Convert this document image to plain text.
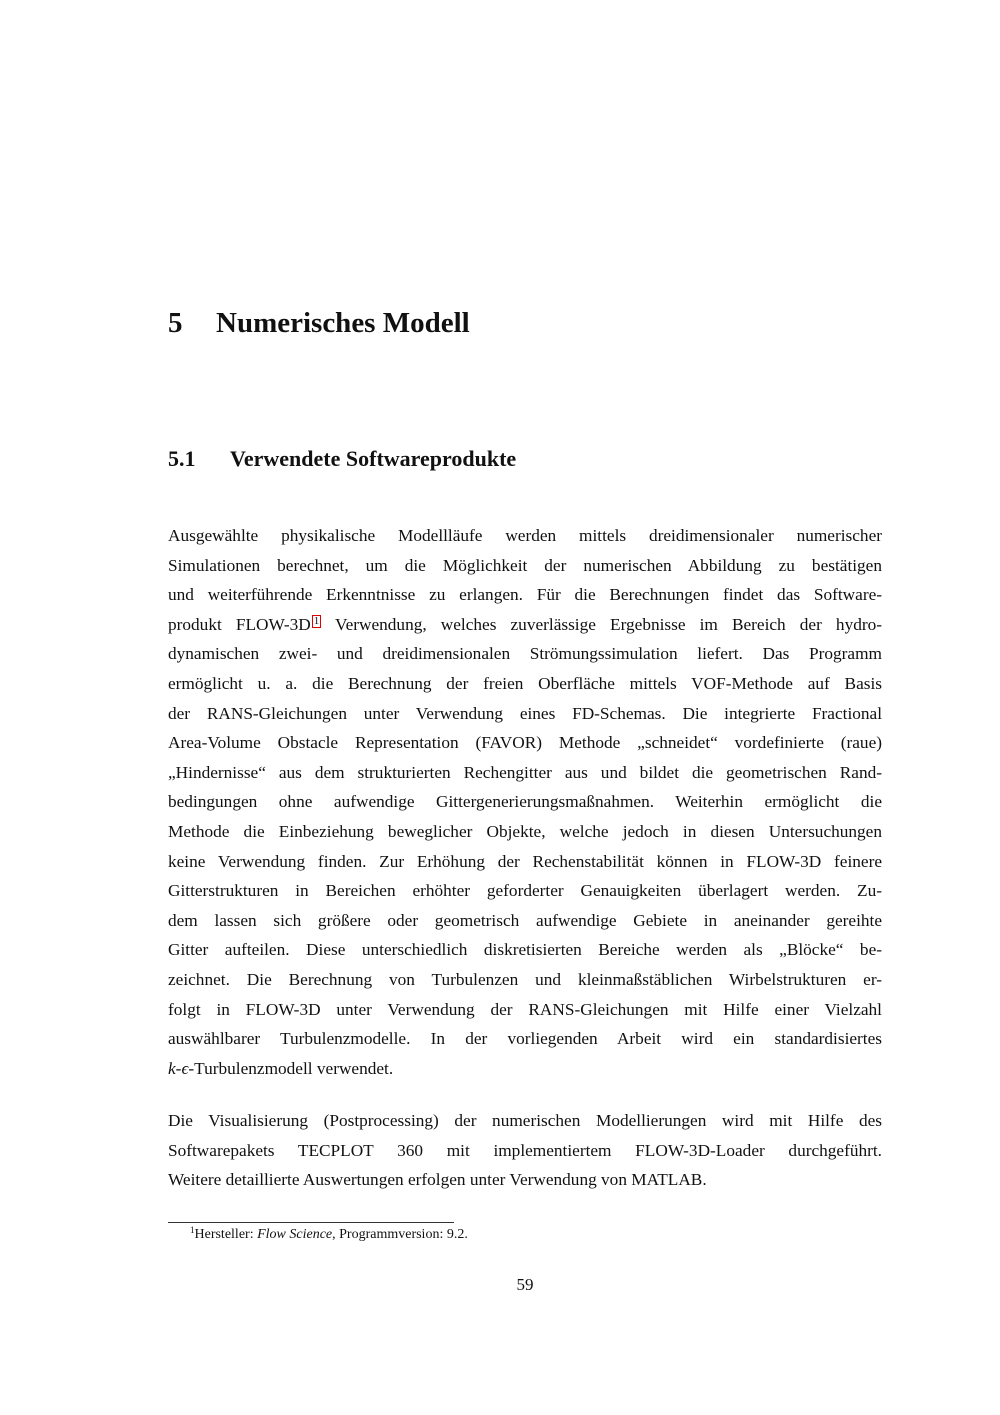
5 Numerisches Modell
5.1 Verwendete Softwareprodukte
Ausgewählte physikalische Modellläufe werden mittels dreidimensionaler numerischer
Simulationen berechnet, um die Möglichkeit der numerischen Abbildung zu bestätigen
und weiterführende Erkenntnisse zu erlangen. Für die Berechnungen findet das Software-
produkt FLOW-3D 1 Verwendung, welches zuverlässige Ergebnisse im Bereich der hydro-
dynamischen zwei- und dreidimensionalen Strömungssimulation liefert. Das Programm
ermöglicht u. a. die Berechnung der freien Oberfläche mittels VOF-Methode auf Basis
der RANS-Gleichungen unter Verwendung eines FD-Schemas. Die integrierte Fractional
Area-Volume Obstacle Representation (FAVOR) Methode „schneidet“ vordefinierte (raue)
„Hindernisse“ aus dem strukturierten Rechengitter aus und bildet die geometrischen Rand-
bedingungen ohne aufwendige Gittergenerierungsmaßnahmen. Weiterhin ermöglicht die
Methode die Einbeziehung beweglicher Objekte, welche jedoch in diesen Untersuchungen
keine Verwendung finden. Zur Erhöhung der Rechenstabilität können in FLOW-3D feinere
Gitterstrukturen in Bereichen erhöhter geforderter Genauigkeiten überlagert werden. Zu-
dem lassen sich größere oder geometrisch aufwendige Gebiete in aneinander gereihte
Gitter aufteilen. Diese unterschiedlich diskretisierten Bereiche werden als „Blöcke“ be-
zeichnet. Die Berechnung von Turbulenzen und kleinmaßstäblichen Wirbelstrukturen er-
folgt in FLOW-3D unter Verwendung der RANS-Gleichungen mit Hilfe einer Vielzahl
auswählbarer Turbulenzmodelle. In der vorliegenden Arbeit wird ein standardisiertes
k-ϵ-Turbulenzmodell verwendet.
Die Visualisierung (Postprocessing) der numerischen Modellierungen wird mit Hilfe des
Softwarepakets TECPLOT 360 mit implementiertem FLOW-3D-Loader durchgeführt.
Weitere detaillierte Auswertungen erfolgen unter Verwendung von MATLAB.
$^1$Hersteller: Flow Science, Programmversion: 9.2.
59
